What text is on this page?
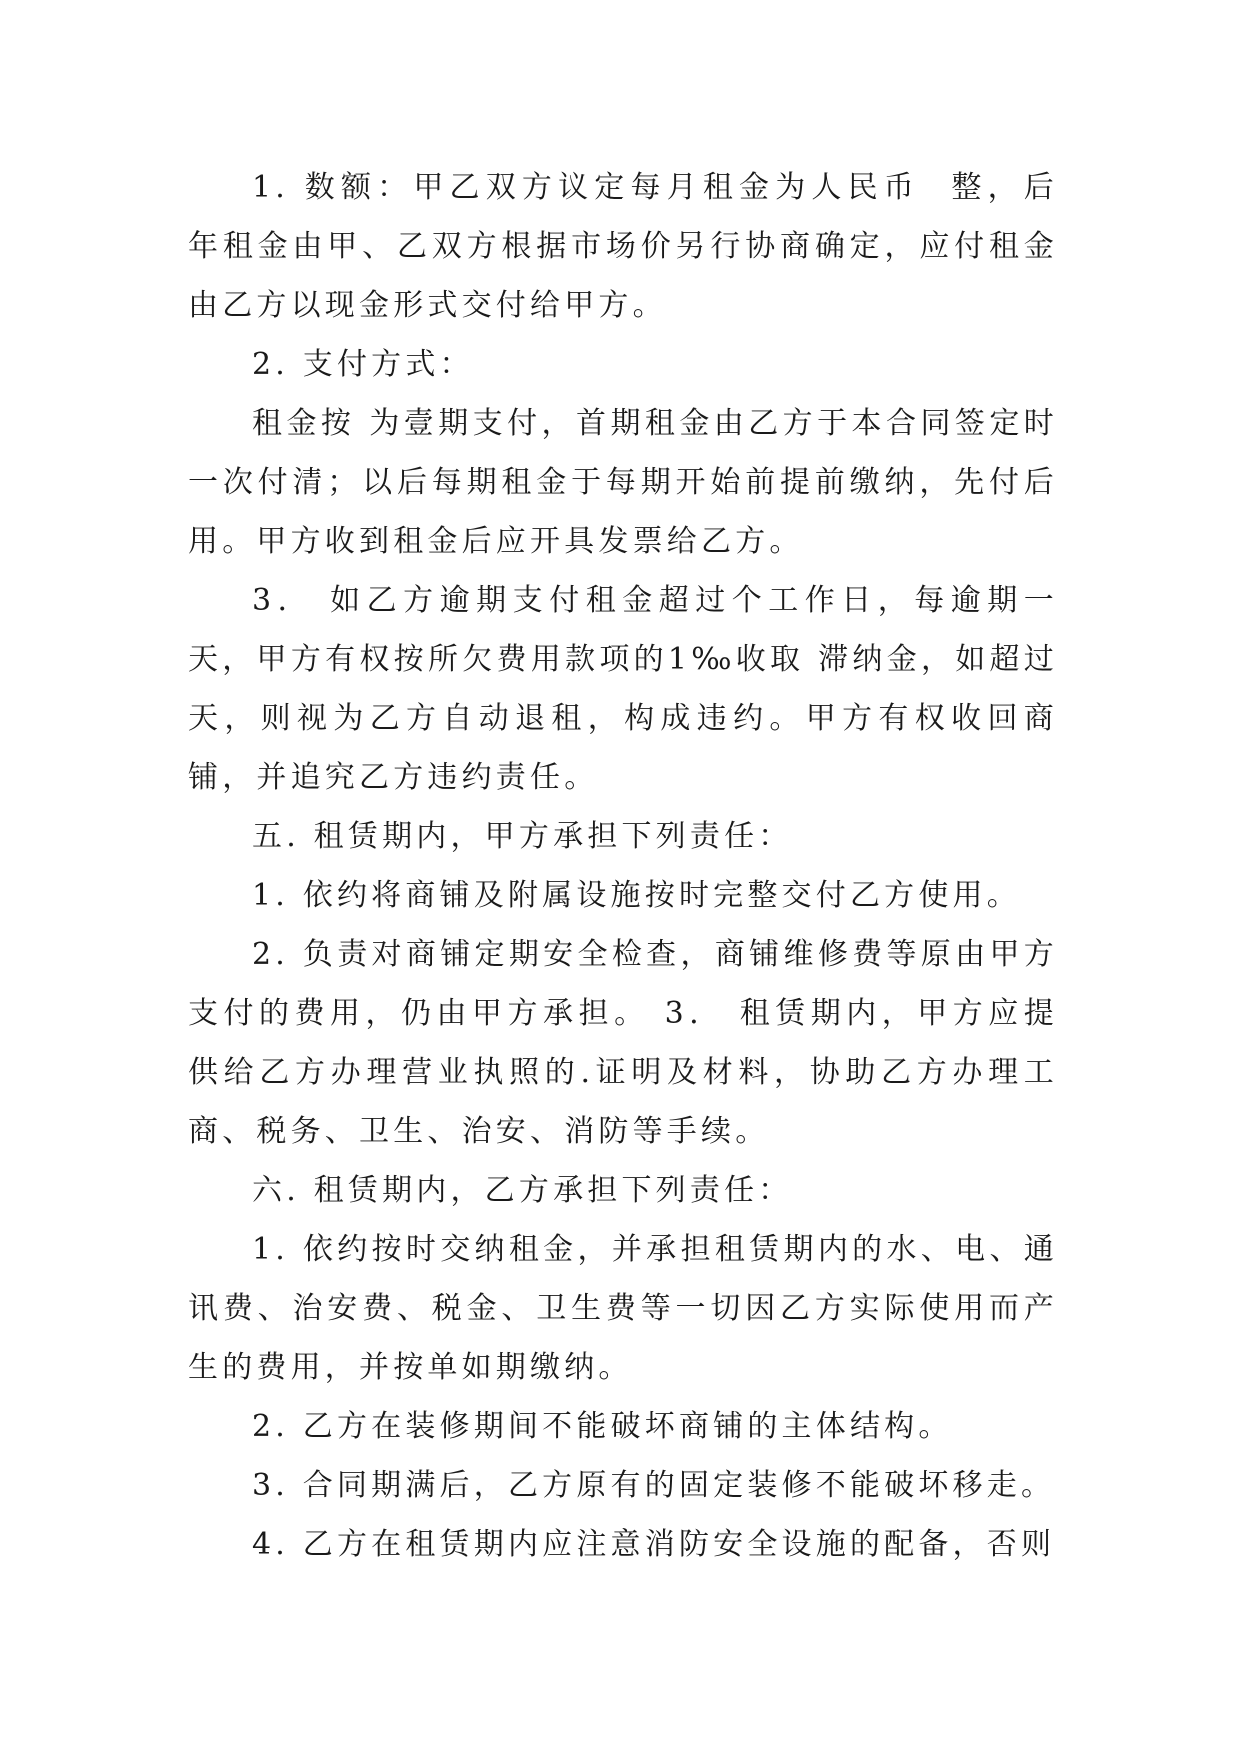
1. 数额：甲乙双方议定每月租金为人民币  整，后 年租金由甲、乙双方根据市场价另行协商确定，应付租金由乙方以现金形式交付给甲方。

2. 支付方式：

租金按 为壹期支付，首期租金由乙方于本合同签定时一次付清；以后每期租金于每期开始前提前缴纳，先付后用。甲方收到租金后应开具发票给乙方。

3． 如乙方逾期支付租金超过个工作日，每逾期一天，甲方有权按所欠费用款项的1‰收取 滞纳金，如超过  天，则视为乙方自动退租，构成违约。甲方有权收回商铺，并追究乙方违约责任。

五. 租赁期内，甲方承担下列责任：

1. 依约将商铺及附属设施按时完整交付乙方使用。

2. 负责对商铺定期安全检查，商铺维修费等原由甲方支付的费用，仍由甲方承担。 3． 租赁期内，甲方应提供给乙方办理营业执照的.证明及材料，协助乙方办理工商、税务、卫生、治安、消防等手续。

六. 租赁期内，乙方承担下列责任：

1. 依约按时交纳租金，并承担租赁期内的水、电、通讯费、治安费、税金、卫生费等一切因乙方实际使用而产生的费用，并按单如期缴纳。

2. 乙方在装修期间不能破坏商铺的主体结构。

3. 合同期满后，乙方原有的固定装修不能破坏移走。

4. 乙方在租赁期内应注意消防安全设施的配备，否则
